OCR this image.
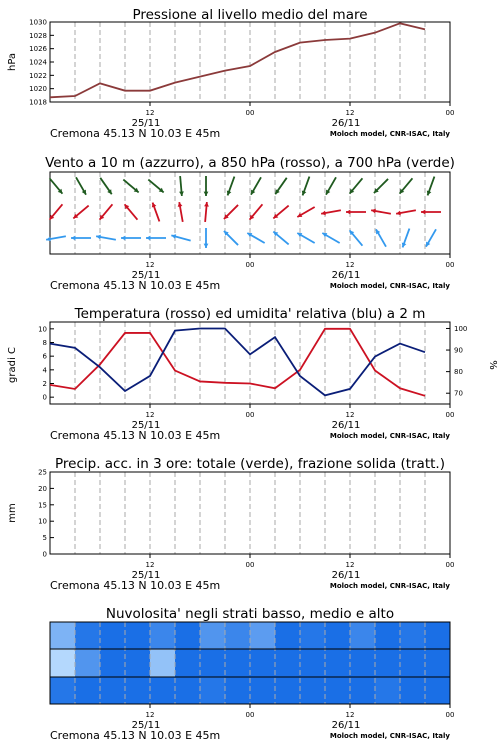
Pressione al livello medio del mare
hPa
1018
1020
1022
1024
1026
1028
1030
12	00	12	00
25/11	26/11
Cremona 45.13 N 10.03 E 45m	Moloch model, CNR-ISAC, Italy
Vento a 10 m (azzurro), a 850 hPa (rosso), a 700 hPa (verde)
12	00	12	00
25/11	26/11
Cremona 45.13 N 10.03 E 45m	Moloch model, CNR-ISAC, Italy
Temperatura (rosso) ed umidita' relativa (blu) a 2 m
gradi C	%
0
2
4
6
8
10
70
80
90
100
12	00	12	00
25/11	26/11
Cremona 45.13 N 10.03 E 45m	Moloch model, CNR-ISAC, Italy
Precip. acc. in 3 ore: totale (verde), frazione solida (tratt.)
mm
0
5
10
15
20
25
12	00	12	00
25/11	26/11
Cremona 45.13 N 10.03 E 45m	Moloch model, CNR-ISAC, Italy
Nuvolosita' negli strati basso, medio e alto
12	00	12	00
25/11	26/11
Cremona 45.13 N 10.03 E 45m	Moloch model, CNR-ISAC, Italy
